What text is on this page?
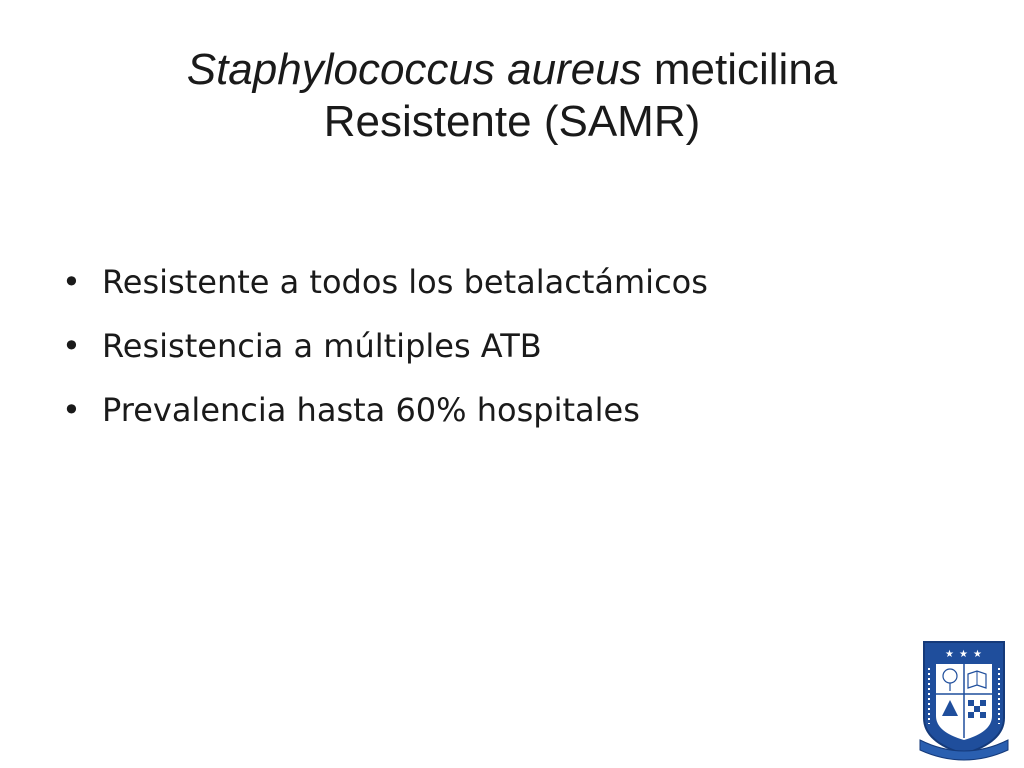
Staphylococcus aureus meticilina
Resistente (SAMR)
• Resistente a todos los betalactámicos
• Resistencia a múltiples ATB
• Prevalencia hasta 60% hospitales
★ ★ ★
